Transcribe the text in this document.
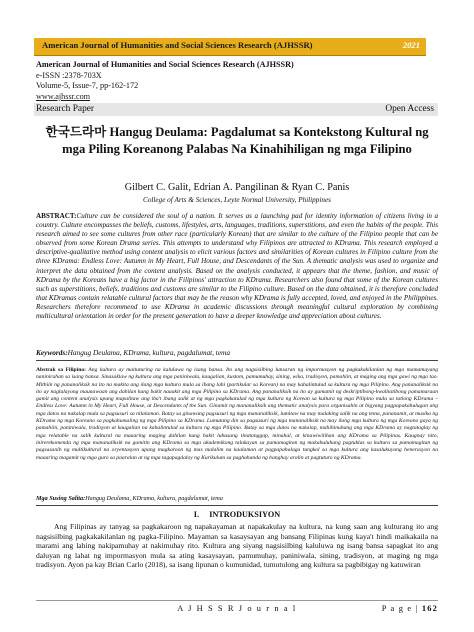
American Journal of Humanities and Social Sciences Research (AJHSSR)	2021
American Journal of Humanities and Social Sciences Research (AJHSSR)
e-ISSN :2378-703X
Volume-5, Issue-7, pp-162-172
www.ajhssr.com
Research Paper	Open Access
한국드라마 Hangug Deulama: Pagdalumat sa Kontekstong Kultural ng mga Piling Koreanong Palabas Na Kinahihiligan ng mga Filipino
Gilbert C. Galit, Edrian A. Pangilinan & Ryan C. Panis
College of Arts & Sciences, Leyte Normal University, Philippines
ABSTRACT:Culture can be considered the soul of a nation. It serves as a launching pad for identity information of citizens living in a country. Culture encompasses the beliefs, customs, lifestyles, arts, languages, traditions, superstitions, and even the habits of the people. This research aimed to see some cultures from other race (particularly Korean) that are similar to the culture of the Filipino people that can be observed from some Korean Drama series. This attempts to understand why Filipinos are attracted to KDrama. This research employed a descriptive-qualitative method using content analysis to elicit various factors and similarities of Korean cultures in Filipino culture from the three KDrama: Endless Love: Autumn in My Heart, Full House, and Descendants of the Sun. A thematic analysis was used to organize and interpret the data obtained from the content analysis. Based on the analysis conducted, it appears that the theme, fashion, and music of KDrama by the Koreans have a big factor in the Filipinos' attraction to KDrama. Researchers also found that some of the Korean cultures such as superstitions, beliefs, traditions and customs are similar to the Filipino culture. Based on the data obtained, it is therefore concluded that KDramas contain relatable cultural factors that may be the reason why KDrama is fully accepted, loved, and enjoyed in the Philippines. Researchers therefore recommend to use KDrama in academic discussions through meaningful cultural exploration by combining multicultural orientation in order for the present generation to have a deeper knowledge and appreciation about cultures.
Keywords:Hangug Deulama, KDrama, kultura, pagdalumat, tema
Abstrak sa Filipino: Ang kultura ay maituturing na kaluluwa ng isang bansa. Ito ang nagsisilbing lunsaran ng impormasyon ng pagkakakilanlan ng mga mamamayang naninirahan sa isang bansa. Sinasaklaw ng kultura ang mga paniniwala, kaugalian, kustom, pamumuhay, sining, wika, tradisyon, pamahiin, at maging ang mga gawi ng mga tao. Mithiin ng pananaliksik na ito na makita ang ilang mga kultura mula sa ibang lahi (partikular sa Korean) na may kahalintulad sa kultura ng mga Pilipino. Ang pananaliksik na ito ay naglalayong maunawaan ang dahilan kung bakit naaakit ang mga Pilipino sa KDrama. Ang pananaliksik na ito ay gumamit ng deskriptibong-kwalitatibong pamamaraan gamit ang content analysis upang mapalitaw ang iba't ibang salik at ng mga pagkakatulad ng mga kultura ng Korean sa kultura ng mga Pilipino mula sa tatlong KDrama – Endless Love: Autumn in My Heart, Full House, at Descendants of the Sun. Ginamit ng mananaliksik ang thematic analysis para organisahin at bigyang pagpapakahulugan ang mga datos na nakalap mula sa pagsusuri sa nilalaman. Batay sa ginawang pagsusuri ng mga mananaliksik, lumitaw na may malaking salik na ang tema, pananamit, at musika ng KDrama ng mga Koreano sa pagkahumaling ng mga Pilipino sa KDrama. Lumutang din sa pagsusuri ng mga mananaliksik na may ilang mga kultura ng mga Koreano gaya ng pamahiin, paniniwala, tradisyon at kaugalian na kahalintulad sa kultura ng mga Pilipino. Batay sa mga datos na nakalap, mahihinuhang ang mga KDrama ay nagtataglay ng mga relatable na salik kultural na maaaring maging dahilan kung bakit lubusang tinatanggap, minahal, at kinawiwilihan ang KDrama sa Pilipinas. Kaugnay nito, inirerekomenda ng mga mananaliksik na gamitin ang KDrama sa mga akademikong talakayan sa pamamagitan ng makabuluhang pagtuklas sa kultura sa pamamagitan ng pagsasanib ng multikultural na oryentasyon upang magkaroon ng mas malalim na kaalaman at pagpapahalaga tungkol sa mga kultura ang kasalukuyang henerasyon na maaaring magamit ng mga guro sa paaralan at ng mga tagapagdaloy ng Kurikulum sa paghahanda ng banghay aralin at pagtuturo ng KDrama.
Mga Susing Salita:Hangug Deulama, KDrama, kultura, pagdalumat, tema
I.     INTRODUKSIYON
Ang Filipinas ay tanyag sa pagkakaroon ng napakayaman at napakakulay na kultura, na kung saan ang kulturang ito ang nagsisilbing pagkakakilanlan ng pagka-Filipino. Mayaman sa kasaysayan ang bansang Filipinas kung kaya't hindi maikakaila na marami ang lahing nakipamuhay at nakimuhay rito. Kultura ang siyang nagsisilbing kaluluwa ng isang bansa sapagkat ito ang daluyan ng lahat ng impormasyon mula sa ating kasaysayan, pamumuhay, paniniwala, sining, tradisyon, at maging ng mga tradisyon. Ayon pa kay Brian Carlo (2018), sa isang lipunan o kumunidad, tumutulong ang kultura sa pagbibigay ng katuwiran
A J H S S R J o u r n a l	P a g e | 162
